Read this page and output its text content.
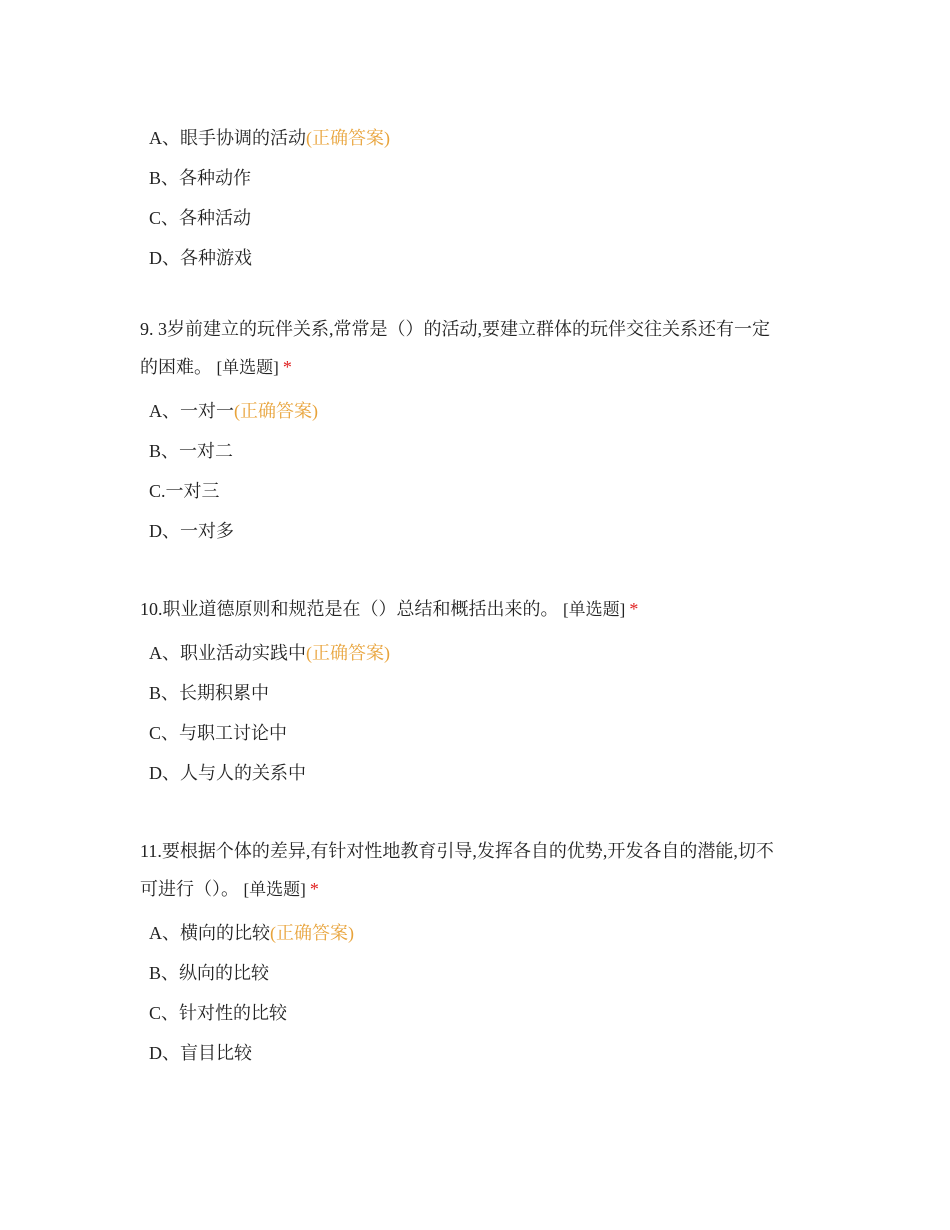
A、眼手协调的活动(正确答案)
B、各种动作
C、各种活动
D、各种游戏

9. 3岁前建立的玩伴关系,常常是（）的活动,要建立群体的玩伴交往关系还有一定
的困难。 [单选题] *

A、一对一(正确答案)
B、一对二
C.一对三
D、一对多

10.职业道德原则和规范是在（）总结和概括出来的。 [单选题] *

A、职业活动实践中(正确答案)
B、长期积累中
C、与职工讨论中
D、人与人的关系中

11.要根据个体的差异,有针对性地教育引导,发挥各自的优势,开发各自的潜能,切不
可进行（）。 [单选题] *

A、横向的比较(正确答案)
B、纵向的比较
C、针对性的比较
D、盲目比较
